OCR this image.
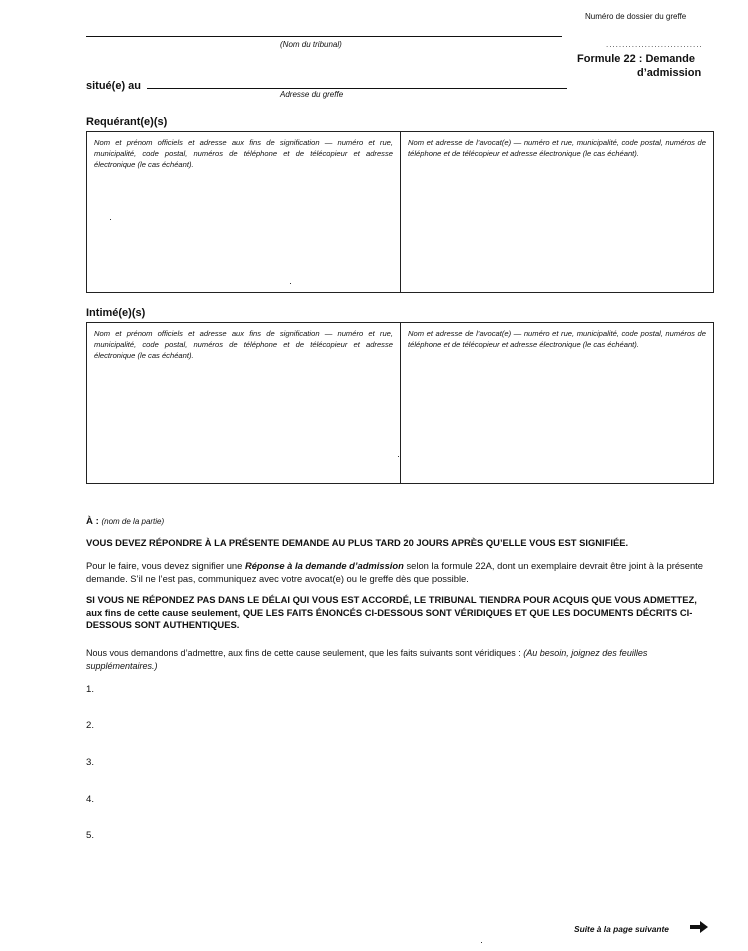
Numéro de dossier du greffe
(Nom du tribunal)	..............................
Formule 22 : Demande
d’admission
situé(e) au
Adresse du greffe
Requérant(e)(s)
Nom et prénom officiels et adresse aux fins de signification — numéro et rue, municipalité, code postal, numéros de téléphone et de télécopieur et adresse électronique (le cas échéant).
Nom et adresse de l’avocat(e) — numéro et rue, municipalité, code postal, numéros de téléphone et de télécopieur et adresse électronique (le cas échéant).
Intimé(e)(s)
Nom et prénom officiels et adresse aux fins de signification — numéro et rue, municipalité, code postal, numéros de téléphone et de télécopieur et adresse électronique (le cas échéant).
Nom et adresse de l’avocat(e) — numéro et rue, municipalité, code postal, numéros de téléphone et de télécopieur et adresse électronique (le cas échéant).
À : (nom de la partie)
VOUS DEVEZ RÉPONDRE À LA PRÉSENTE DEMANDE AU PLUS TARD 20 JOURS APRÈS QU’ELLE VOUS EST SIGNIFIÉE.
Pour le faire, vous devez signifier une Réponse à la demande d’admission selon la formule 22A, dont un exemplaire devrait être joint à la présente demande. S’il ne l’est pas, communiquez avec votre avocat(e) ou le greffe dès que possible.
SI VOUS NE RÉPONDEZ PAS DANS LE DÉLAI QUI VOUS EST ACCORDÉ, LE TRIBUNAL TIENDRA POUR ACQUIS QUE VOUS ADMETTEZ, aux fins de cette cause seulement, QUE LES FAITS ÉNONCÉS CI-DESSOUS SONT VÉRIDIQUES ET QUE LES DOCUMENTS DÉCRITS CI-DESSOUS SONT AUTHENTIQUES.
Nous vous demandons d’admettre, aux fins de cette cause seulement, que les faits suivants sont véridiques : (Au besoin, joignez des feuilles supplémentaires.)
1.
2.
3.
4.
5.
Suite à la page suivante
